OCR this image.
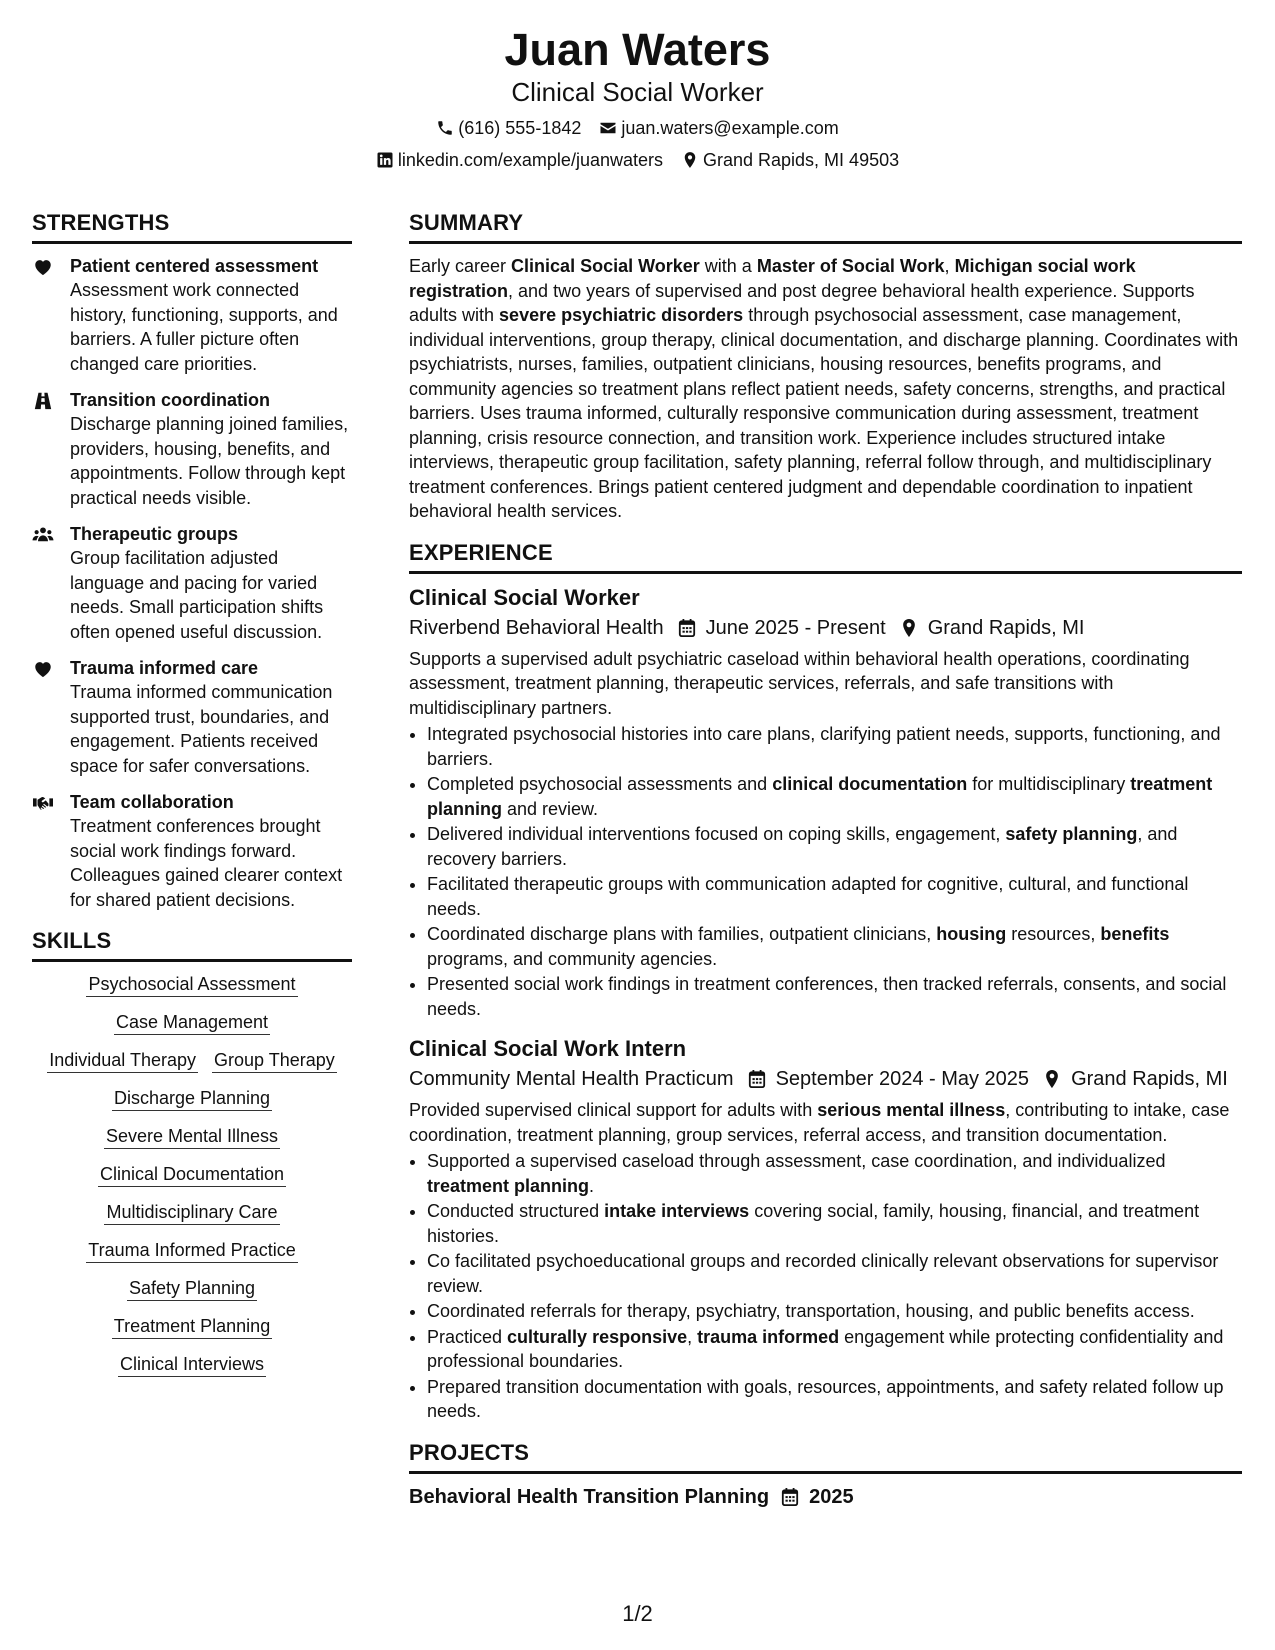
Juan Waters
Clinical Social Worker
(616) 555-1842 juan.waters@example.com
linkedin.com/example/juanwaters Grand Rapids, MI 49503
STRENGTHS
Patient centered assessment
Assessment work connected history, functioning, supports, and barriers. A fuller picture often changed care priorities.
Transition coordination
Discharge planning joined families, providers, housing, benefits, and appointments. Follow through kept practical needs visible.
Therapeutic groups
Group facilitation adjusted language and pacing for varied needs. Small participation shifts often opened useful discussion.
Trauma informed care
Trauma informed communication supported trust, boundaries, and engagement. Patients received space for safer conversations.
Team collaboration
Treatment conferences brought social work findings forward. Colleagues gained clearer context for shared patient decisions.
SKILLS
Psychosocial Assessment
Case Management
Individual Therapy Group Therapy
Discharge Planning
Severe Mental Illness
Clinical Documentation
Multidisciplinary Care
Trauma Informed Practice
Safety Planning
Treatment Planning
Clinical Interviews
SUMMARY

Early career Clinical Social Worker with a Master of Social Work, Michigan social work registration, and two years of supervised and post degree behavioral health experience. Supports adults with severe psychiatric disorders through psychosocial assessment, case management, individual interventions, group therapy, clinical documentation, and discharge planning. Coordinates with psychiatrists, nurses, families, outpatient clinicians, housing resources, benefits programs, and community agencies so treatment plans reflect patient needs, safety concerns, strengths, and practical barriers. Uses trauma informed, culturally responsive communication during assessment, treatment planning, crisis resource connection, and transition work. Experience includes structured intake interviews, therapeutic group facilitation, safety planning, referral follow through, and multidisciplinary treatment conferences. Brings patient centered judgment and dependable coordination to inpatient behavioral health services.

EXPERIENCE
Clinical Social Worker
Riverbend Behavioral Health June 2025 - Present Grand Rapids, MI

Supports a supervised adult psychiatric caseload within behavioral health operations, coordinating assessment, treatment planning, therapeutic services, referrals, and safe transitions with multidisciplinary partners.

• Integrated psychosocial histories into care plans, clarifying patient needs, supports, functioning, and barriers.
• Completed psychosocial assessments and clinical documentation for multidisciplinary treatment planning and review.
• Delivered individual interventions focused on coping skills, engagement, safety planning, and recovery barriers.
• Facilitated therapeutic groups with communication adapted for cognitive, cultural, and functional needs.
• Coordinated discharge plans with families, outpatient clinicians, housing resources, benefits programs, and community agencies.
• Presented social work findings in treatment conferences, then tracked referrals, consents, and social needs.
Clinical Social Work Intern
Community Mental Health Practicum September 2024 - May 2025 Grand Rapids, MI

Provided supervised clinical support for adults with serious mental illness, contributing to intake, case coordination, treatment planning, group services, referral access, and transition documentation.

• Supported a supervised caseload through assessment, case coordination, and individualized treatment planning.
• Conducted structured intake interviews covering social, family, housing, financial, and treatment histories.
• Co facilitated psychoeducational groups and recorded clinically relevant observations for supervisor review.
• Coordinated referrals for therapy, psychiatry, transportation, housing, and public benefits access.
• Practiced culturally responsive, trauma informed engagement while protecting confidentiality and professional boundaries.
• Prepared transition documentation with goals, resources, appointments, and safety related follow up needs.
PROJECTS
Behavioral Health Transition Planning 2025
1/2
